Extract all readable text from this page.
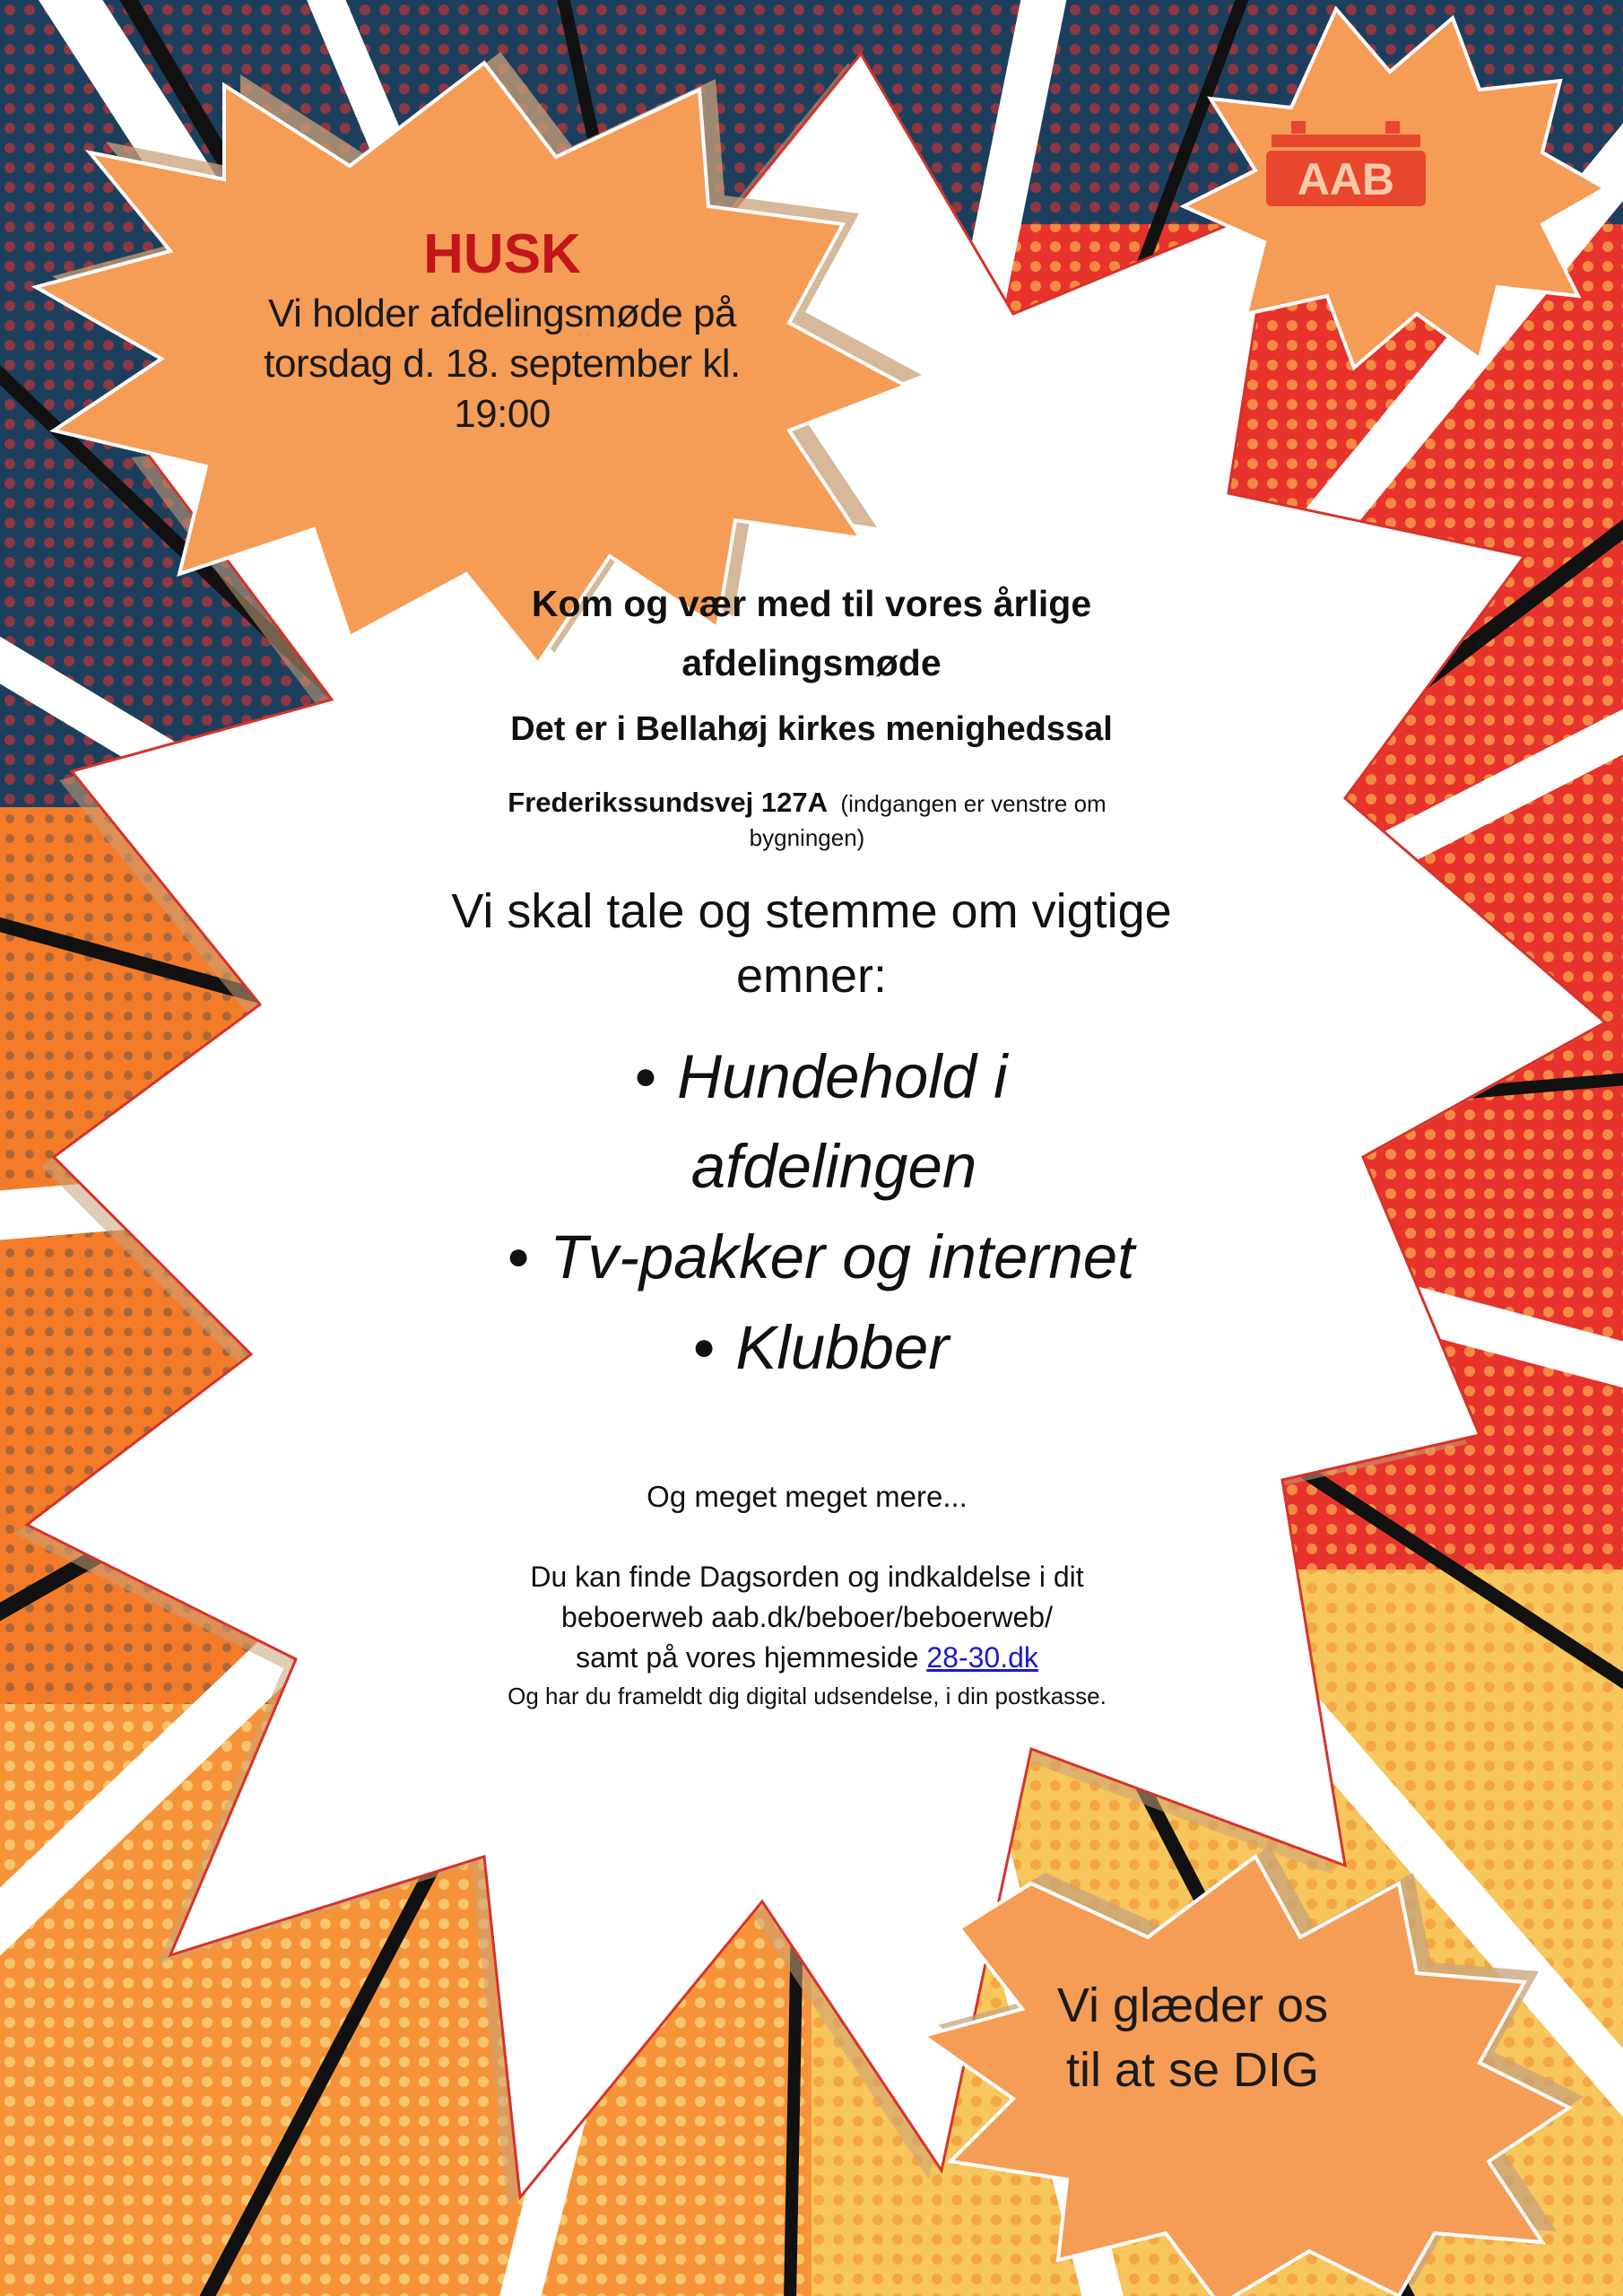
AAB
HUSK
Vi holder afdelingsmøde på
torsdag d. 18. september kl.
19:00
Kom og vær med til vores årlige
afdelingsmøde
Det er i Bellahøj kirkes menighedssal
Frederikssundsvej 127A (indgangen er venstre om
bygningen)
Vi skal tale og stemme om vigtige
emner:
● Hundehold i
afdelingen
● Tv-pakker og internet
● Klubber
Og meget meget mere...
Du kan finde Dagsorden og indkaldelse i dit
beboerweb aab.dk/beboer/beboerweb/
samt på vores hjemmeside 28-30.dk
Og har du frameldt dig digital udsendelse, i din postkasse.
Vi glæder os
til at se DIG
